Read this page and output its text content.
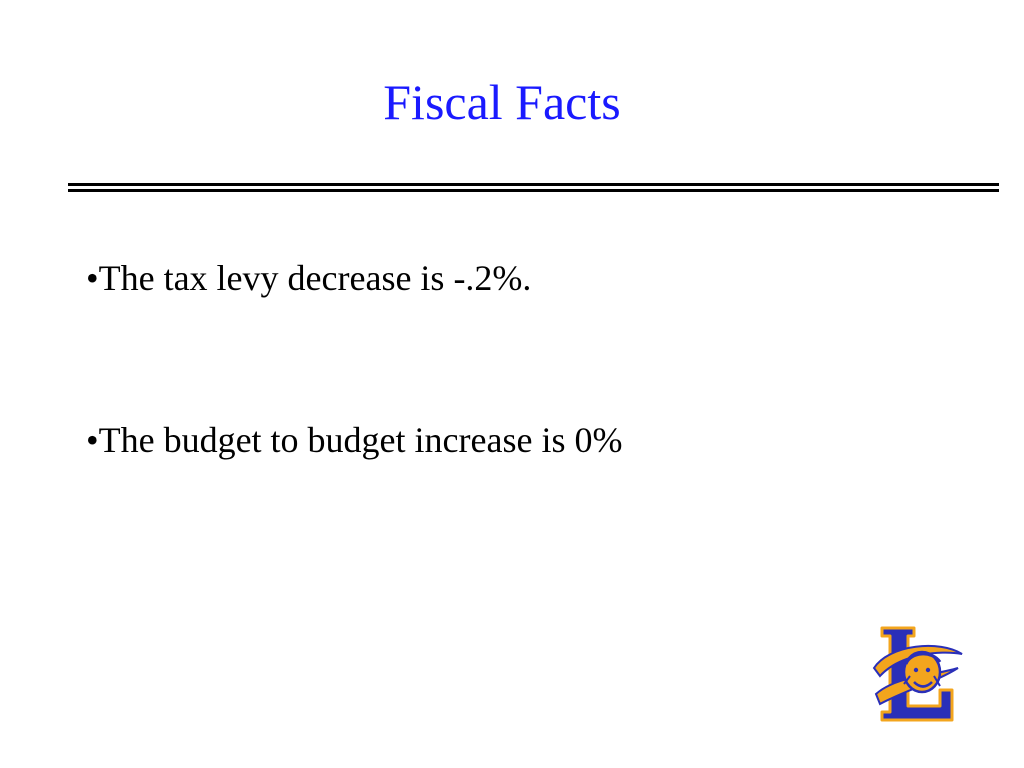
Fiscal Facts
•The tax levy decrease is -.2%.
•The budget to budget increase is 0%
